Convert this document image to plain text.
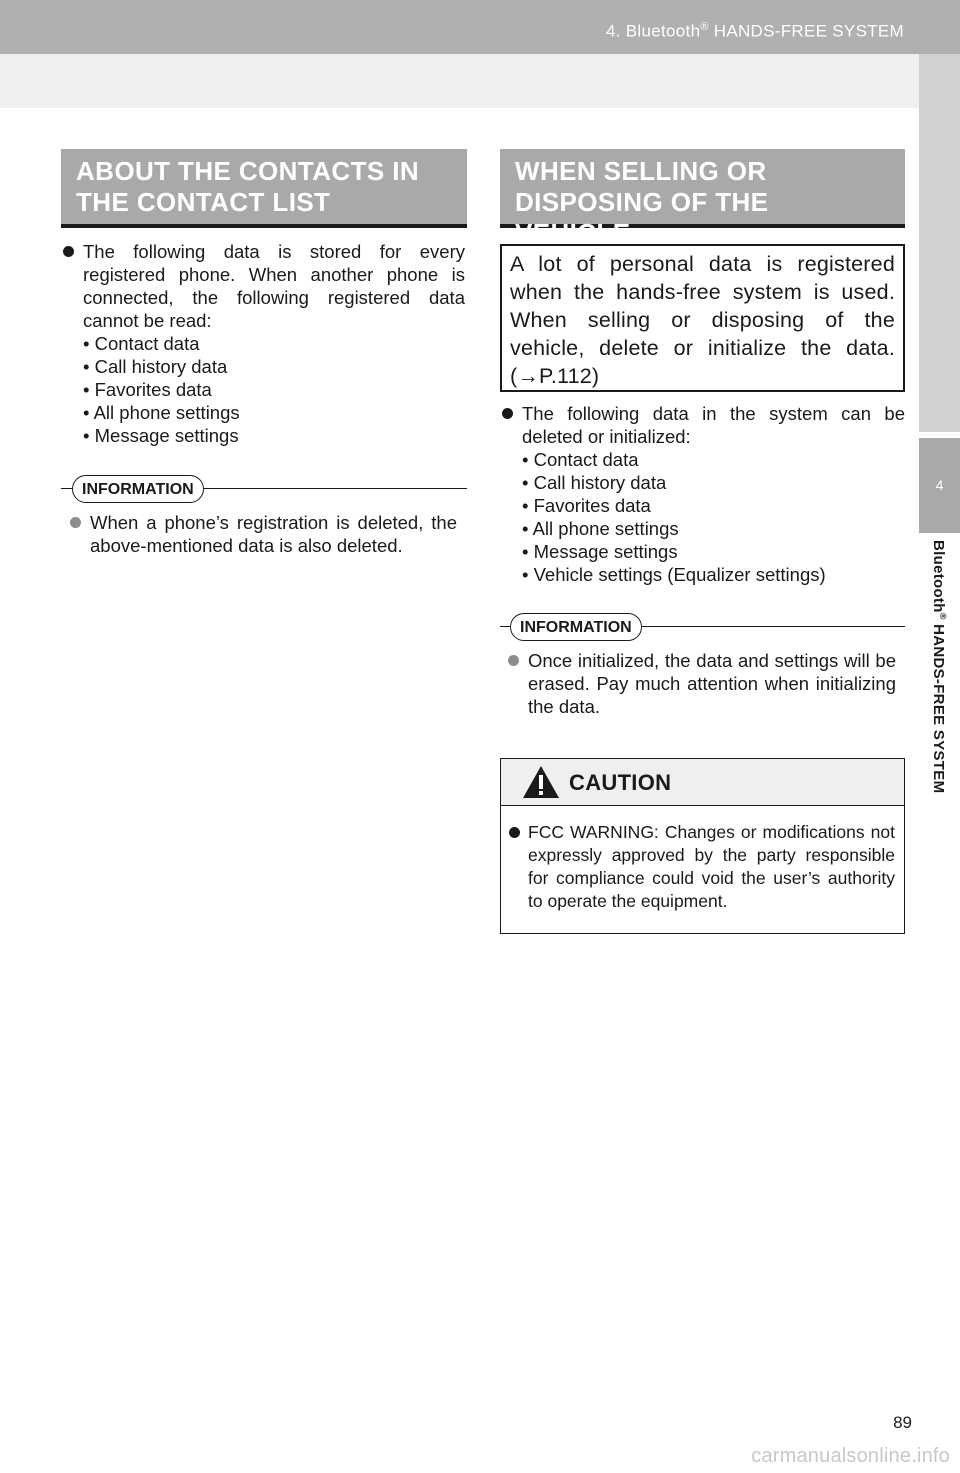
4. Bluetooth® HANDS-FREE SYSTEM
4
Bluetooth® HANDS-FREE SYSTEM
ABOUT THE CONTACTS IN
THE CONTACT LIST
The following data is stored for every registered phone. When another phone is connected, the following registered data cannot be read:
• Contact data
• Call history data
• Favorites data
• All phone settings
• Message settings
INFORMATION
When a phone’s registration is deleted, the above-mentioned data is also deleted.
WHEN SELLING OR
DISPOSING OF THE VEHICLE
A lot of personal data is registered when the hands-free system is used. When selling or disposing of the vehicle, delete or initialize the data. (→P.112)
The following data in the system can be deleted or initialized:
• Contact data
• Call history data
• Favorites data
• All phone settings
• Message settings
• Vehicle settings (Equalizer settings)
INFORMATION
Once initialized, the data and settings will be erased. Pay much attention when initializing the data.
CAUTION
FCC WARNING: Changes or modifications not expressly approved by the party responsible for compliance could void the user’s authority to operate the equipment.
89
carmanualsonline.info
